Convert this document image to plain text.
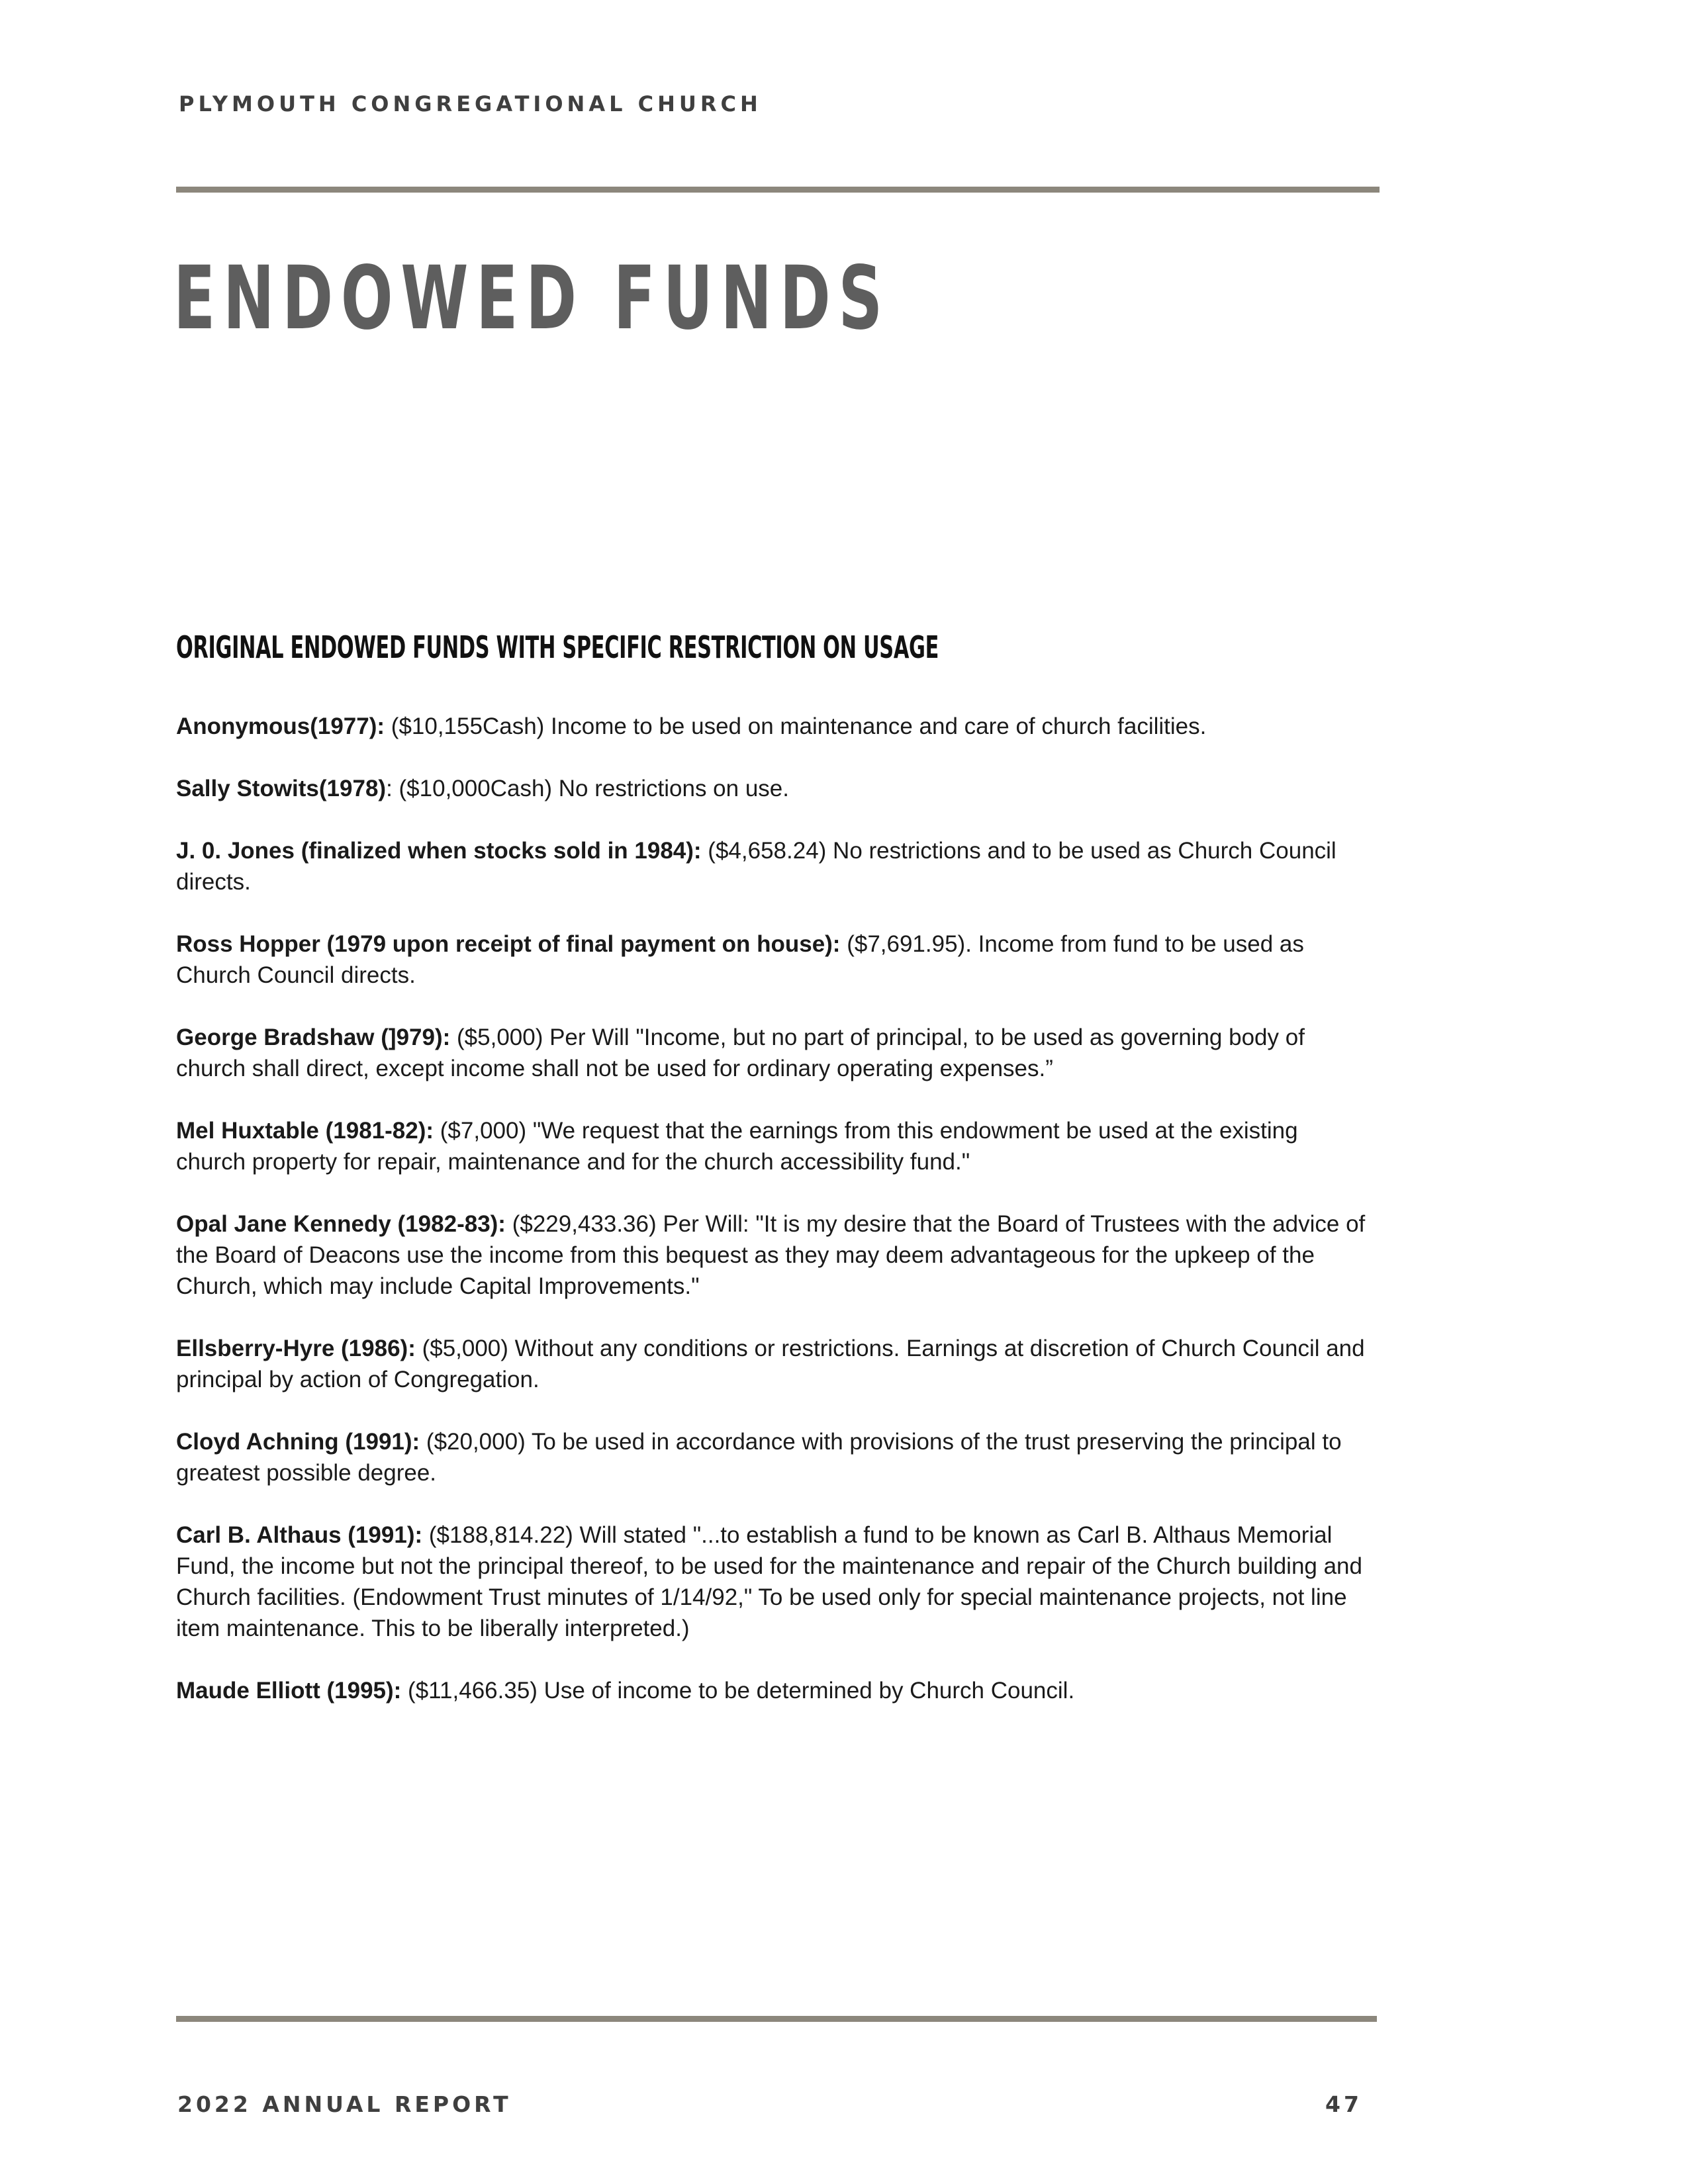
PLYMOUTH CONGREGATIONAL CHURCH
ENDOWED FUNDS
ORIGINAL ENDOWED FUNDS WITH SPECIFIC RESTRICTION ON USAGE

Anonymous(1977): ($10,155Cash) Income to be used on maintenance and care of church facilities.

Sally Stowits(1978): ($10,000Cash) No restrictions on use.

J. 0. Jones (finalized when stocks sold in 1984): ($4,658.24) No restrictions and to be used as Church Council directs.

Ross Hopper (1979 upon receipt of final payment on house): ($7,691.95). Income from fund to be used as Church Council directs.

George Bradshaw (]979): ($5,000) Per Will "Income, but no part of principal, to be used as governing body of church shall direct, except income shall not be used for ordinary operating expenses.”

Mel Huxtable (1981-82): ($7,000) "We request that the earnings from this endowment be used at the existing church property for repair, maintenance and for the church accessibility fund."

Opal Jane Kennedy (1982-83): ($229,433.36) Per Will: "It is my desire that the Board of Trustees with the advice of the Board of Deacons use the income from this bequest as they may deem advantageous for the upkeep of the Church, which may include Capital Improvements."

Ellsberry-Hyre (1986): ($5,000) Without any conditions or restrictions. Earnings at discretion of Church Council and principal by action of Congregation.

Cloyd Achning (1991): ($20,000) To be used in accordance with provisions of the trust preserving the principal to greatest possible degree.

Carl B. Althaus (1991): ($188,814.22) Will stated "...to establish a fund to be known as Carl B. Althaus Memorial Fund, the income but not the principal thereof, to be used for the maintenance and repair of the Church building and Church facilities. (Endowment Trust minutes of 1/14/92," To be used only for special maintenance projects, not line item maintenance. This to be liberally interpreted.)

Maude Elliott (1995): ($11,466.35) Use of income to be determined by Church Council.

2022 ANNUAL REPORT	47
